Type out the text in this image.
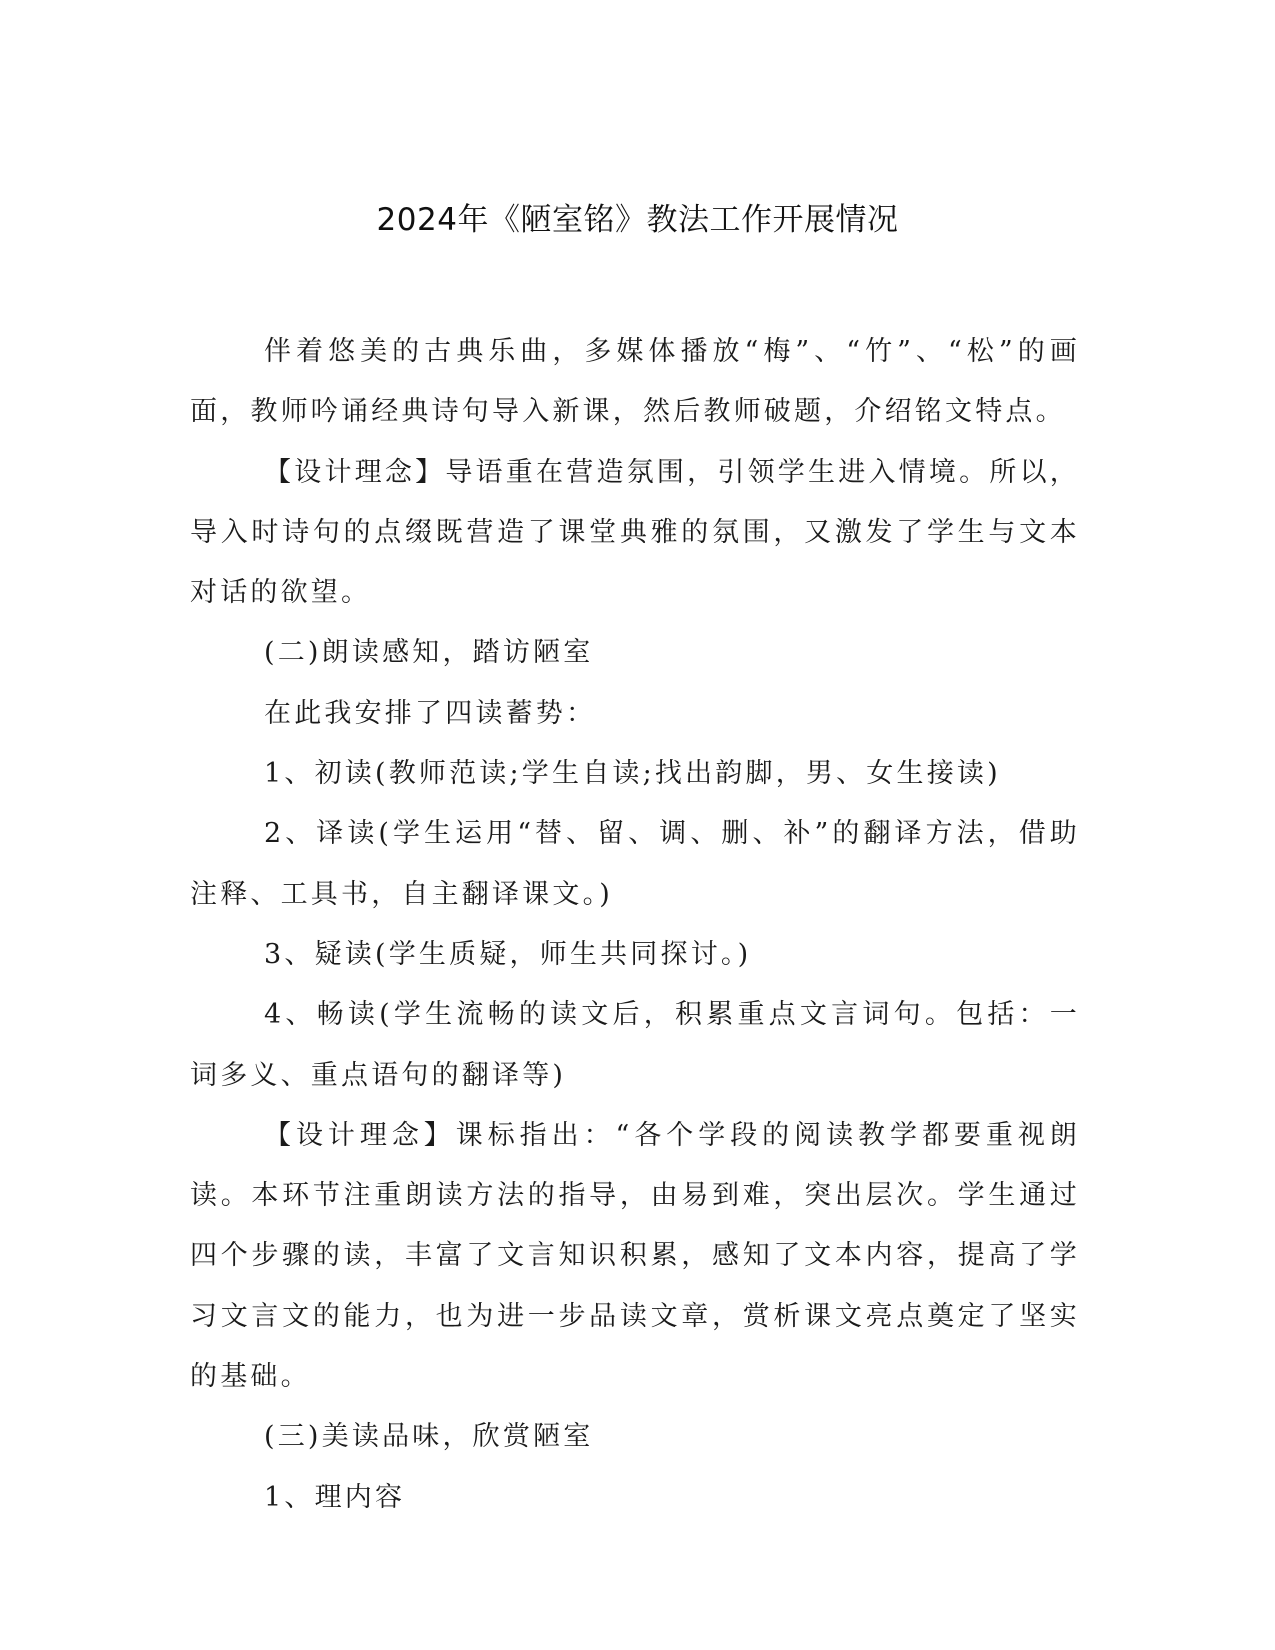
2024年《陋室铭》教法工作开展情况

伴着悠美的古典乐曲，多媒体播放“梅”、“竹”、“松”的画面，教师吟诵经典诗句导入新课，然后教师破题，介绍铭文特点。

【设计理念】导语重在营造氛围，引领学生进入情境。所以，导入时诗句的点缀既营造了课堂典雅的氛围，又激发了学生与文本对话的欲望。

(二)朗读感知，踏访陋室

在此我安排了四读蓄势：

1、初读(教师范读;学生自读;找出韵脚，男、女生接读)

2、译读(学生运用“替、留、调、删、补”的翻译方法，借助注释、工具书，自主翻译课文。)

3、疑读(学生质疑，师生共同探讨。)

4、畅读(学生流畅的读文后，积累重点文言词句。包括：一词多义、重点语句的翻译等)

【设计理念】课标指出：“各个学段的阅读教学都要重视朗读。本环节注重朗读方法的指导，由易到难，突出层次。学生通过四个步骤的读，丰富了文言知识积累，感知了文本内容，提高了学习文言文的能力，也为进一步品读文章，赏析课文亮点奠定了坚实的基础。

(三)美读品味，欣赏陋室

1、理内容
